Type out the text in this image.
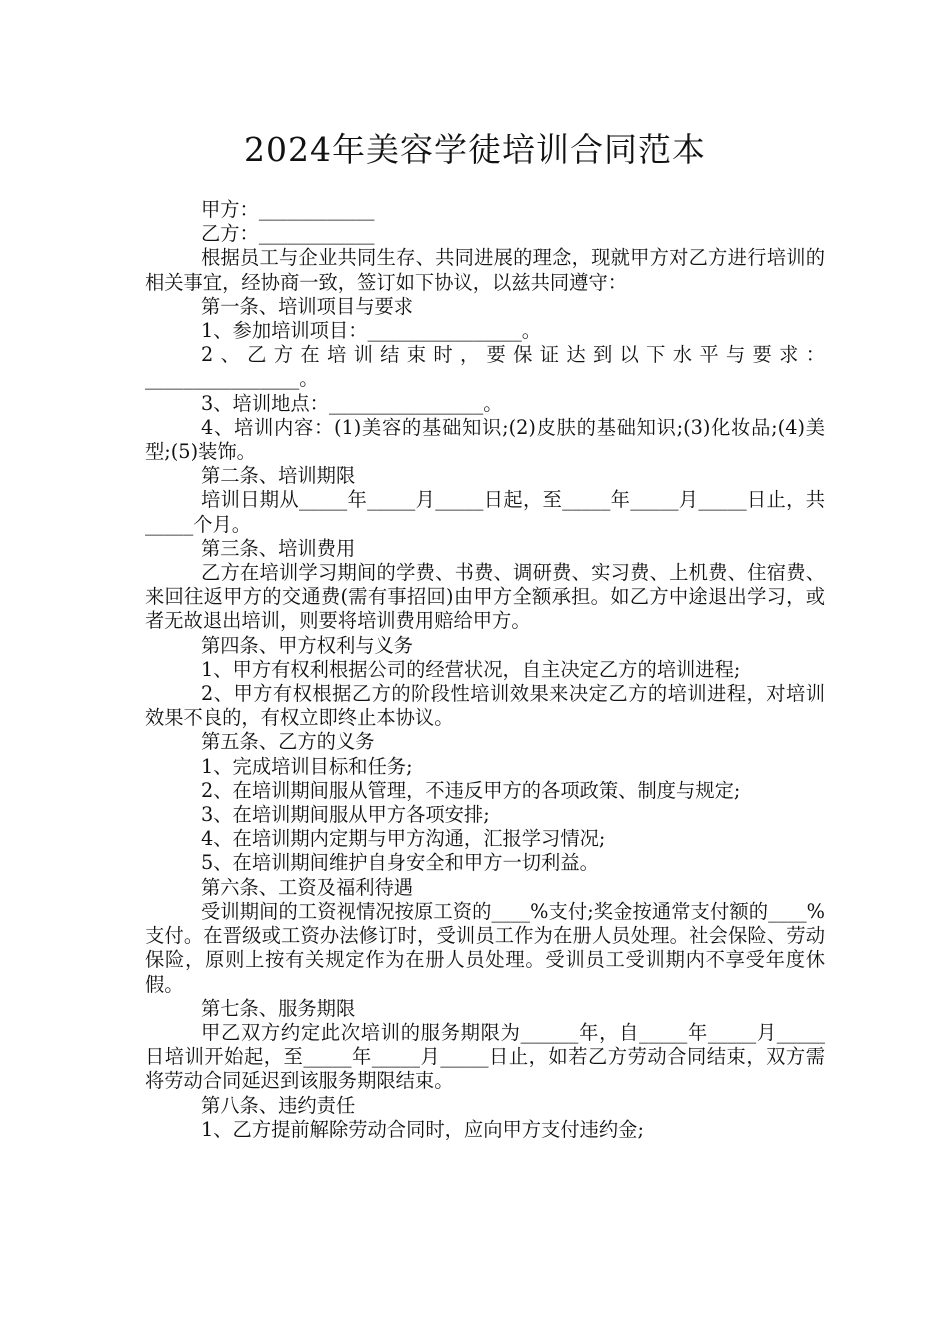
2024年美容学徒培训合同范本

甲方：____________

乙方：____________

根据员工与企业共同生存、共同进展的理念，现就甲方对乙方进行培训的相关事宜，经协商一致，签订如下协议，以兹共同遵守：

第一条、培训项目与要求

1、参加培训项目：________________。

2、乙方在培训结束时，要保证达到以下水平与要求：________________。

3、培训地点：________________。

4、培训内容：(1)美容的基础知识;(2)皮肤的基础知识;(3)化妆品;(4)美型;(5)装饰。

第二条、培训期限

培训日期从_____年_____月_____日起，至_____年_____月_____日止，共_____个月。

第三条、培训费用

乙方在培训学习期间的学费、书费、调研费、实习费、上机费、住宿费、来回往返甲方的交通费(需有事招回)由甲方全额承担。如乙方中途退出学习，或者无故退出培训，则要将培训费用赔给甲方。

第四条、甲方权利与义务

1、甲方有权利根据公司的经营状况，自主决定乙方的培训进程;

2、甲方有权根据乙方的阶段性培训效果来决定乙方的培训进程，对培训效果不良的，有权立即终止本协议。

第五条、乙方的义务

1、完成培训目标和任务;

2、在培训期间服从管理，不违反甲方的各项政策、制度与规定;

3、在培训期间服从甲方各项安排;

4、在培训期内定期与甲方沟通，汇报学习情况;

5、在培训期间维护自身安全和甲方一切利益。

第六条、工资及福利待遇

受训期间的工资视情况按原工资的____%支付;奖金按通常支付额的____%支付。在晋级或工资办法修订时，受训员工作为在册人员处理。社会保险、劳动保险，原则上按有关规定作为在册人员处理。受训员工受训期内不享受年度休假。

第七条、服务期限

甲乙双方约定此次培训的服务期限为______年，自_____年_____月_____日培训开始起，至_____年_____月_____日止，如若乙方劳动合同结束，双方需将劳动合同延迟到该服务期限结束。

第八条、违约责任

1、乙方提前解除劳动合同时，应向甲方支付违约金;
